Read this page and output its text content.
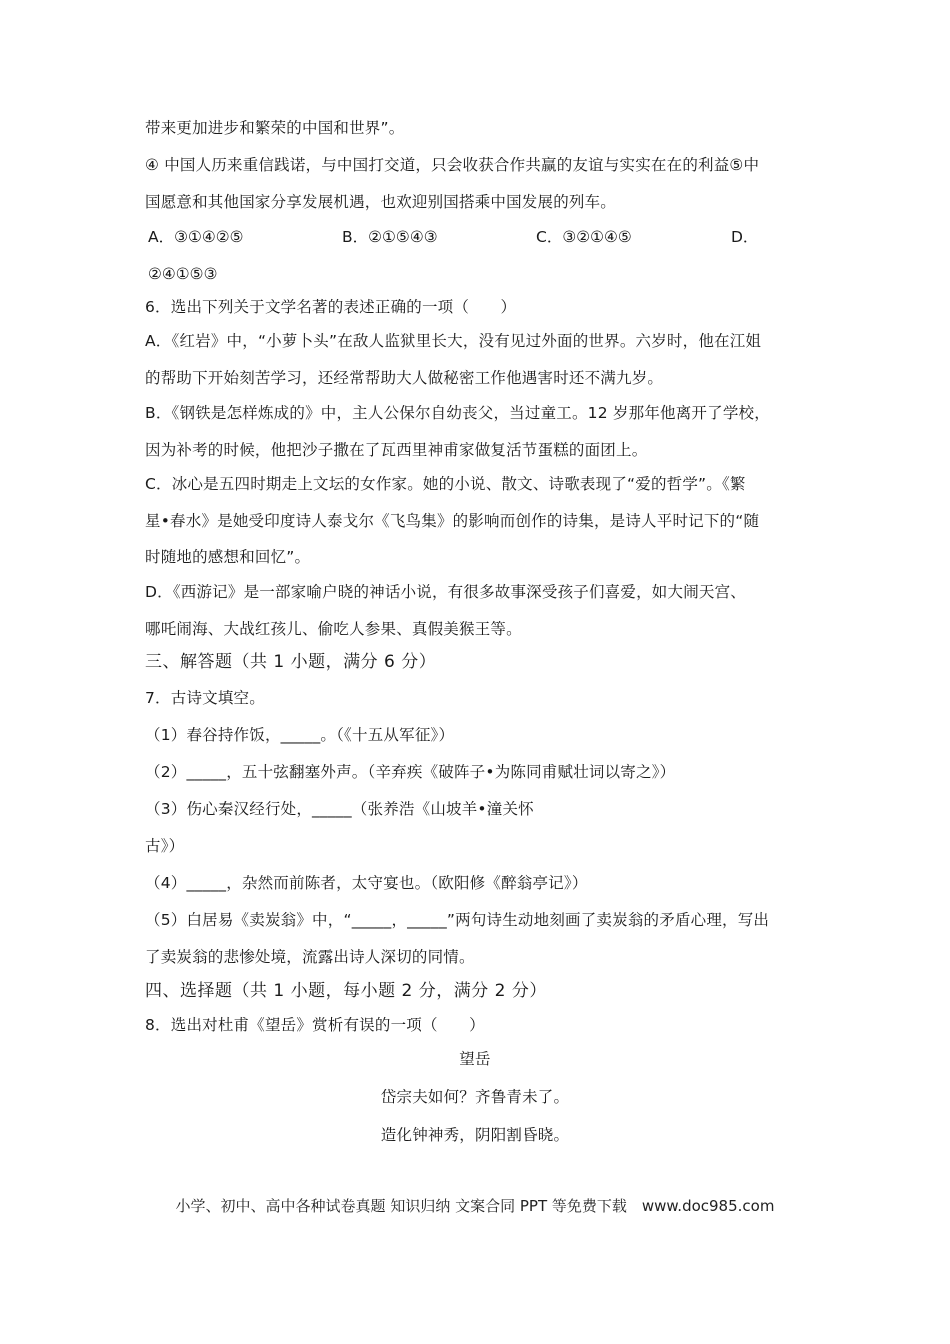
带来更加进步和繁荣的中国和世界”。
④ 中国人历来重信践诺，与中国打交道，只会收获合作共赢的友谊与实实在在的利益⑤中
国愿意和其他国家分享发展机遇，也欢迎别国搭乘中国发展的列车。
A．③①④②⑤	B．②①⑤④③	C．③②①④⑤	D．
②④①⑤③
6．选出下列关于文学名著的表述正确的一项（　　）
A．《红岩》中，“小萝卜头”在敌人监狱里长大，没有见过外面的世界。六岁时，他在江姐
的帮助下开始刻苦学习，还经常帮助大人做秘密工作他遇害时还不满九岁。
B．《钢铁是怎样炼成的》中，主人公保尔自幼丧父，当过童工。12 岁那年他离开了学校，
因为补考的时候，他把沙子撒在了瓦西里神甫家做复活节蛋糕的面团上。
C．冰心是五四时期走上文坛的女作家。她的小说、散文、诗歌表现了“爱的哲学”。《繁
星•春水》是她受印度诗人泰戈尔《飞鸟集》的影响而创作的诗集，是诗人平时记下的“随
时随地的感想和回忆”。
D．《西游记》是一部家喻户晓的神话小说，有很多故事深受孩子们喜爱，如大闹天宫、
哪吒闹海、大战红孩儿、偷吃人参果、真假美猴王等。
三、解答题（共 1 小题，满分 6 分）
7．古诗文填空。
（1）春谷持作饭，_____。（《十五从军征》）
（2）_____，五十弦翻塞外声。（辛弃疾《破阵子•为陈同甫赋壮词以寄之》）
（3）伤心秦汉经行处，_____（张养浩《山坡羊•潼关怀
古》）
（4）_____，杂然而前陈者，太守宴也。（欧阳修《醉翁亭记》）
（5）白居易《卖炭翁》中，“_____，_____”两句诗生动地刻画了卖炭翁的矛盾心理，写出
了卖炭翁的悲惨处境，流露出诗人深切的同情。
四、选择题（共 1 小题，每小题 2 分，满分 2 分）
8．选出对杜甫《望岳》赏析有误的一项（　　）
望岳
岱宗夫如何？齐鲁青未了。
造化钟神秀，阴阳割昏晓。
小学、初中、高中各种试卷真题 知识归纳 文案合同 PPT 等免费下载　www.doc985.com
